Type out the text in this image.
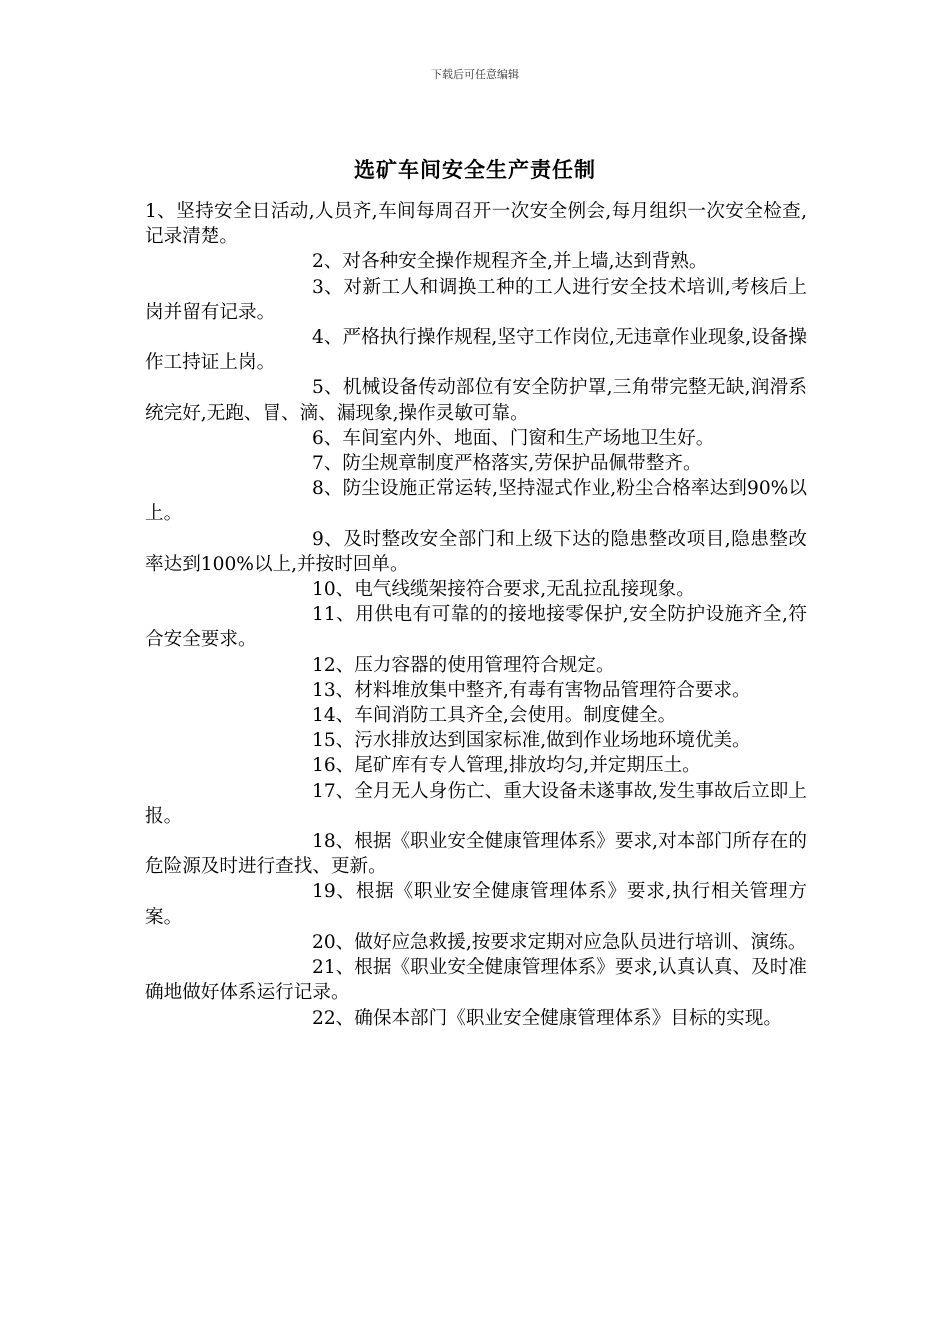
下载后可任意编辑
选矿车间安全生产责任制

1、坚持安全日活动,人员齐,车间每周召开一次安全例会,每月组织一次安全检查,记录清楚。

2、对各种安全操作规程齐全,并上墙,达到背熟。

3、对新工人和调换工种的工人进行安全技术培训,考核后上岗并留有记录。

4、严格执行操作规程,坚守工作岗位,无违章作业现象,设备操作工持证上岗。

5、机械设备传动部位有安全防护罩,三角带完整无缺,润滑系统完好,无跑、冒、滴、漏现象,操作灵敏可靠。

6、车间室内外、地面、门窗和生产场地卫生好。

7、防尘规章制度严格落实,劳保护品佩带整齐。

8、防尘设施正常运转,坚持湿式作业,粉尘合格率达到90%以上。

9、及时整改安全部门和上级下达的隐患整改项目,隐患整改率达到100%以上,并按时回单。

10、电气线缆架接符合要求,无乱拉乱接现象。

11、用供电有可靠的的接地接零保护,安全防护设施齐全,符合安全要求。

12、压力容器的使用管理符合规定。

13、材料堆放集中整齐,有毒有害物品管理符合要求。

14、车间消防工具齐全,会使用。制度健全。

15、污水排放达到国家标准,做到作业场地环境优美。

16、尾矿库有专人管理,排放均匀,并定期压土。

17、全月无人身伤亡、重大设备未遂事故,发生事故后立即上报。

18、根据《职业安全健康管理体系》要求,对本部门所存在的危险源及时进行查找、更新。

19、根据《职业安全健康管理体系》要求,执行相关管理方案。

20、做好应急救援,按要求定期对应急队员进行培训、演练。

21、根据《职业安全健康管理体系》要求,认真认真、及时准确地做好体系运行记录。

22、确保本部门《职业安全健康管理体系》目标的实现。
